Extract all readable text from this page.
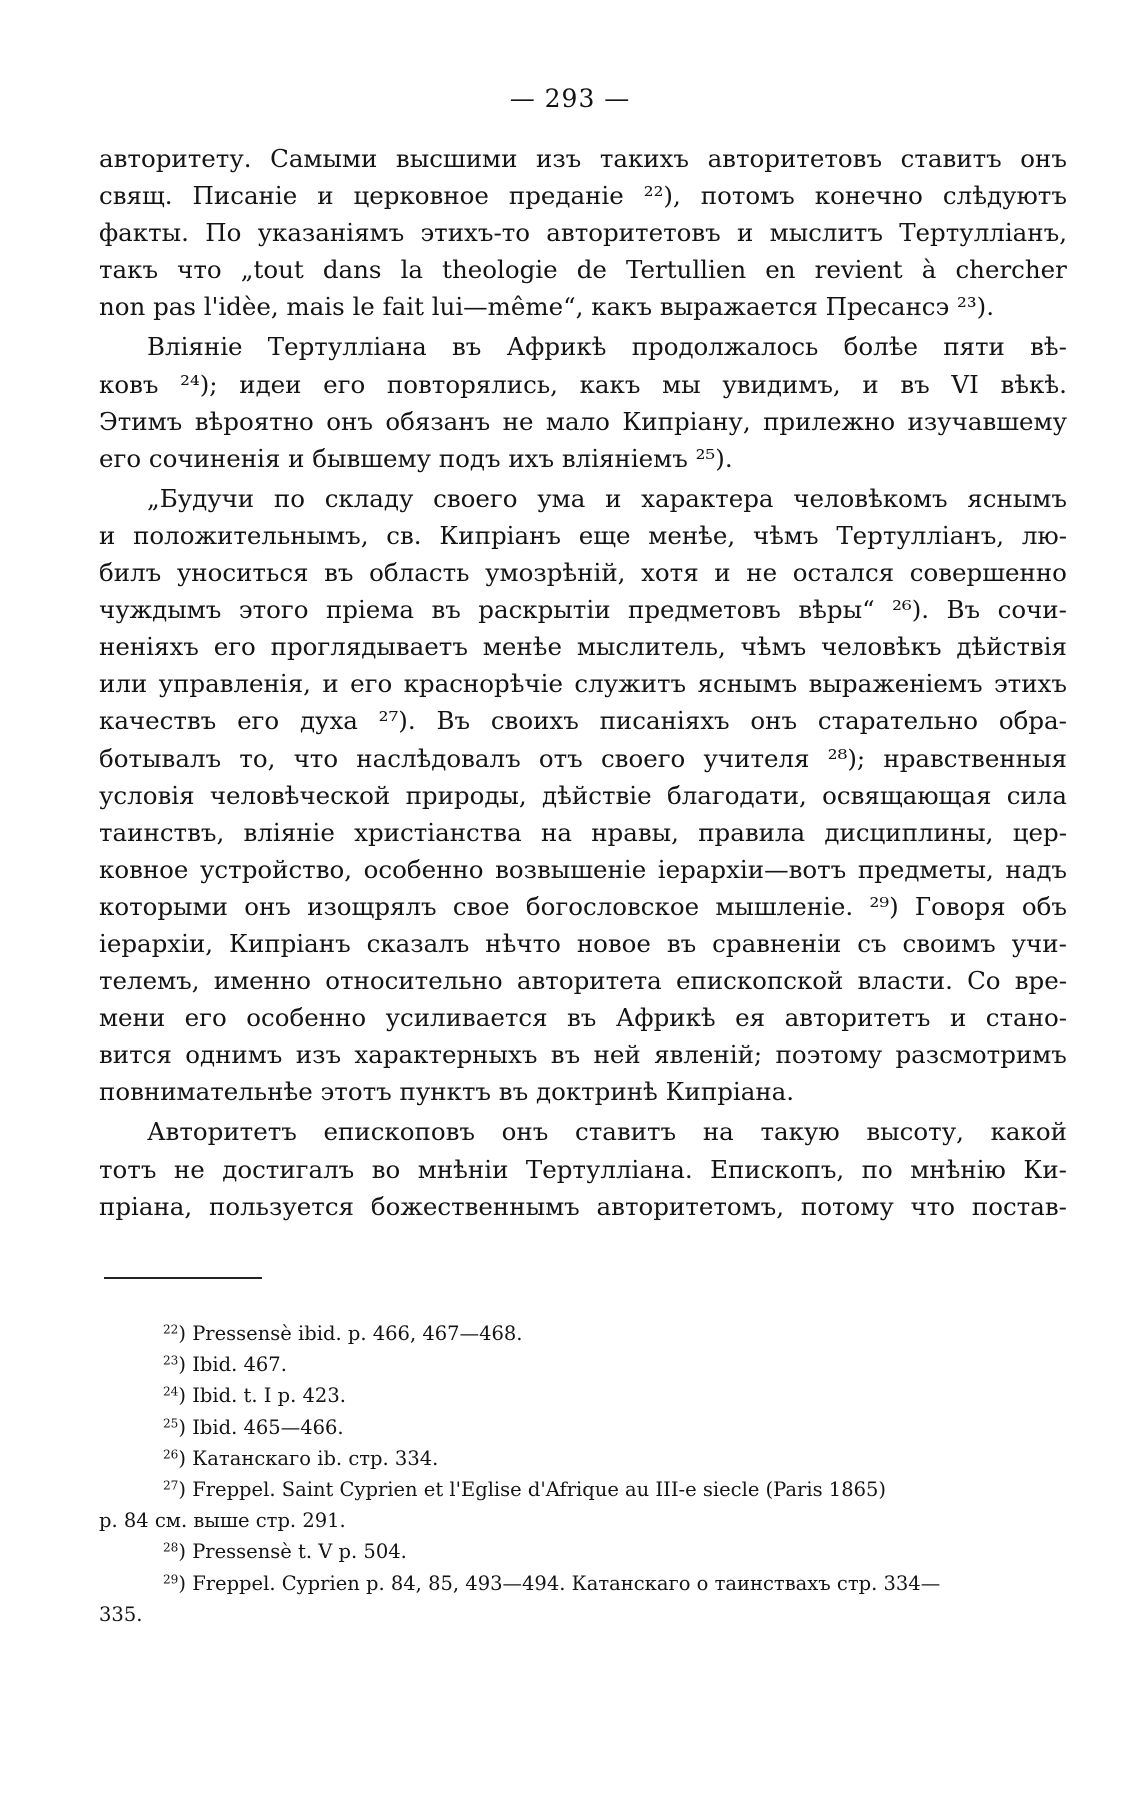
— 293 —
авторитету. Самыми высшими изъ такихъ авторитетовъ ставитъ онъ
свящ. Писаніе и церковное преданіе ²²), потомъ конечно слѣдуютъ
факты. По указаніямъ этихъ-то авторитетовъ и мыслитъ Тертулліанъ,
такъ что „tout dans la theologie de Tertullien en revient à chercher
non pas l'idèe, mais le fait lui—même“, какъ выражается Пресансэ ²³).
Вліяніе Тертулліана въ Африкѣ продолжалось болѣе пяти вѣ-
ковъ ²⁴); идеи его повторялись, какъ мы увидимъ, и въ VI вѣкѣ.
Этимъ вѣроятно онъ обязанъ не мало Кипріану, прилежно изучавшему
его сочиненія и бывшему подъ ихъ вліяніемъ ²⁵).
„Будучи по складу своего ума и характера человѣкомъ яснымъ
и положительнымъ, св. Кипріанъ еще менѣе, чѣмъ Тертулліанъ, лю-
билъ уноситься въ область умозрѣній, хотя и не остался совершенно
чуждымъ этого пріема въ раскрытіи предметовъ вѣры“ ²⁶). Въ сочи-
неніяхъ его проглядываетъ менѣе мыслитель, чѣмъ человѣкъ дѣйствія
или управленія, и его краснорѣчіе служитъ яснымъ выраженіемъ этихъ
качествъ его духа ²⁷). Въ своихъ писаніяхъ онъ старательно обра-
ботывалъ то, что наслѣдовалъ отъ своего учителя ²⁸); нравственныя
условія человѣческой природы, дѣйствіе благодати, освящающая сила
таинствъ, вліяніе христіанства на нравы, правила дисциплины, цер-
ковное устройство, особенно возвышеніе іерархіи—вотъ предметы, надъ
которыми онъ изощрялъ свое богословское мышленіе. ²⁹) Говоря объ
іерархіи, Кипріанъ сказалъ нѣчто новое въ сравненіи съ своимъ учи-
телемъ, именно относительно авторитета епископской власти. Со вре-
мени его особенно усиливается въ Африкѣ ея авторитетъ и стано-
вится однимъ изъ характерныхъ въ ней явленій; поэтому разсмотримъ
повнимательнѣе этотъ пунктъ въ доктринѣ Кипріана.
Авторитетъ епископовъ онъ ставитъ на такую высоту, какой
тотъ не достигалъ во мнѣніи Тертулліана. Епископъ, по мнѣнію Ки-
пріана, пользуется божественнымъ авторитетомъ, потому что постав-
$^{22}$) Pressensè ibid. p. 466, 467—468.
$^{23}$) Ibid. 467.
$^{24}$) Ibid. t. I p. 423.
$^{25}$) Ibid. 465—466.
$^{26}$) Катанскаго ib. стр. 334.
$^{27}$) Freppel. Saint Cyprien et l'Eglise d'Afrique au III-e siecle (Paris 1865)
p. 84 см. выше стр. 291.
$^{28}$) Pressensè t. V p. 504.
$^{29}$) Freppel. Cyprien p. 84, 85, 493—494. Катанскаго о таинствахъ стр. 334—
335.
